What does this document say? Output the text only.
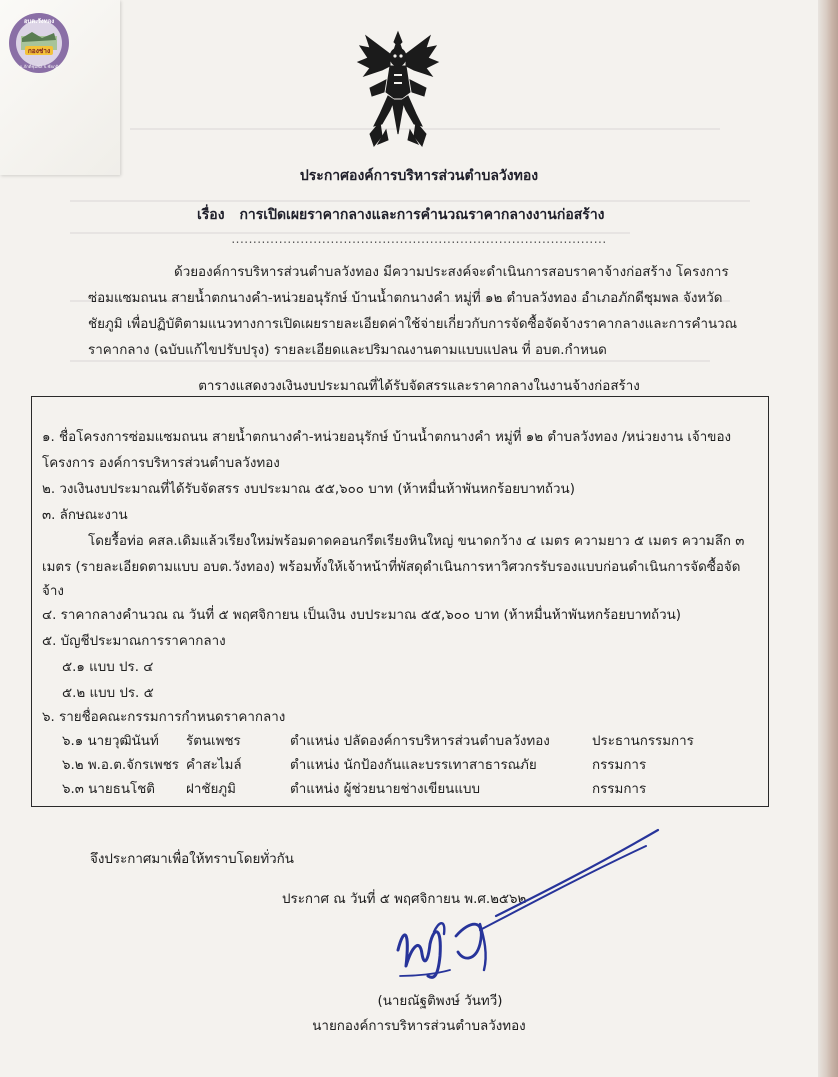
กองช่าง
อบต.วังทอง
อ.ภักดีชุมพล จ.ชัยภูมิ
ประกาศองค์การบริหารส่วนตำบลวังทอง
เรื่อง การเปิดเผยราคากลางและการคำนวณราคากลางงานก่อสร้าง
.......................................................................................
ด้วยองค์การบริหารส่วนตำบลวังทอง มีความประสงค์จะดำเนินการสอบราคาจ้างก่อสร้าง โครงการ
ซ่อมแซมถนน สายน้ำตกนางคำ-หน่วยอนุรักษ์ บ้านน้ำตกนางคำ หมู่ที่ ๑๒ ตำบลวังทอง อำเภอภักดีชุมพล จังหวัด
ชัยภูมิ เพื่อปฏิบัติตามแนวทางการเปิดเผยรายละเอียดค่าใช้จ่ายเกี่ยวกับการจัดซื้อจัดจ้างราคากลางและการคำนวณ
ราคากลาง (ฉบับแก้ไขปรับปรุง) รายละเอียดและปริมาณงานตามแบบแปลน ที่ อบต.กำหนด
ตารางแสดงวงเงินงบประมาณที่ได้รับจัดสรรและราคากลางในงานจ้างก่อสร้าง
๑. ชื่อโครงการซ่อมแซมถนน สายน้ำตกนางคำ-หน่วยอนุรักษ์ บ้านน้ำตกนางคำ หมู่ที่ ๑๒ ตำบลวังทอง /หน่วยงาน เจ้าของ
โครงการ องค์การบริหารส่วนตำบลวังทอง
๒. วงเงินงบประมาณที่ได้รับจัดสรร งบประมาณ ๕๕,๖๐๐ บาท (ห้าหมื่นห้าพันหกร้อยบาทถ้วน)
๓. ลักษณะงาน
โดยรื้อท่อ คสล.เดิมแล้วเรียงใหม่พร้อมดาดคอนกรีตเรียงหินใหญ่ ขนาดกว้าง ๔ เมตร ความยาว ๕ เมตร ความลึก ๓
เมตร (รายละเอียดตามแบบ อบต.วังทอง) พร้อมทั้งให้เจ้าหน้าที่พัสดุดำเนินการหาวิศวกรรับรองแบบก่อนดำเนินการจัดซื้อจัด
จ้าง
๔. ราคากลางคำนวณ ณ วันที่ ๕ พฤศจิกายน เป็นเงิน งบประมาณ ๕๕,๖๐๐ บาท (ห้าหมื่นห้าพันหกร้อยบาทถ้วน)
๕. บัญชีประมาณการราคากลาง
๕.๑ แบบ ปร. ๔
๕.๒ แบบ ปร. ๕
๖. รายชื่อคณะกรรมการกำหนดราคากลาง
๖.๑ นายวุฒินันท์ รัตนเพชร	ตำแหน่ง ปลัดองค์การบริหารส่วนตำบลวังทอง	ประธานกรรมการ
๖.๒ พ.อ.ต.จักรเพชร คำสะไมล์	ตำแหน่ง นักป้องกันและบรรเทาสาธารณภัย	กรรมการ
๖.๓ นายธนโชติ ฝาชัยภูมิ	ตำแหน่ง ผู้ช่วยนายช่างเขียนแบบ	กรรมการ
จึงประกาศมาเพื่อให้ทราบโดยทั่วกัน
ประกาศ ณ วันที่ ๕ พฤศจิกายน พ.ศ.๒๕๖๒
(นายณัฐติพงษ์ วันทวี)
นายกองค์การบริหารส่วนตำบลวังทอง
